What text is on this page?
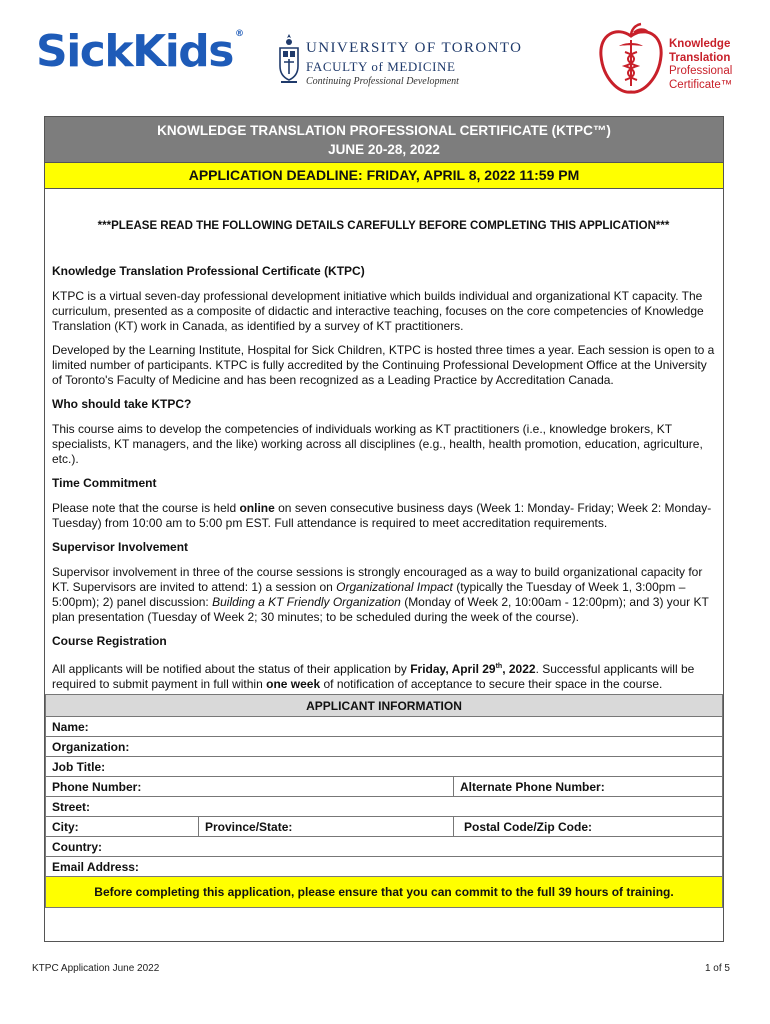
SickKids ®
UNIVERSITY OF TORONTO
FACULTY of MEDICINE
Continuing Professional Development
Knowledge
Translation
Professional
Certificate™
KNOWLEDGE TRANSLATION PROFESSIONAL CERTIFICATE (KTPC™)
JUNE 20-28, 2022
APPLICATION DEADLINE: FRIDAY, APRIL 8, 2022 11:59 PM
***PLEASE READ THE FOLLOWING DETAILS CAREFULLY BEFORE COMPLETING THIS APPLICATION***
Knowledge Translation Professional Certificate (KTPC)
KTPC is a virtual seven-day professional development initiative which builds individual and organizational KT capacity. The curriculum, presented as a composite of didactic and interactive teaching, focuses on the core competencies of Knowledge Translation (KT) work in Canada, as identified by a survey of KT practitioners.
Developed by the Learning Institute, Hospital for Sick Children, KTPC is hosted three times a year. Each session is open to a limited number of participants. KTPC is fully accredited by the Continuing Professional Development Office at the University of Toronto's Faculty of Medicine and has been recognized as a Leading Practice by Accreditation Canada.
Who should take KTPC?
This course aims to develop the competencies of individuals working as KT practitioners (i.e., knowledge brokers, KT specialists, KT managers, and the like) working across all disciplines (e.g., health, health promotion, education, agriculture, etc.).
Time Commitment
Please note that the course is held online on seven consecutive business days (Week 1: Monday- Friday; Week 2: Monday-Tuesday) from 10:00 am to 5:00 pm EST. Full attendance is required to meet accreditation requirements.
Supervisor Involvement
Supervisor involvement in three of the course sessions is strongly encouraged as a way to build organizational capacity for KT. Supervisors are invited to attend: 1) a session on Organizational Impact (typically the Tuesday of Week 1, 3:00pm – 5:00pm); 2) panel discussion: Building a KT Friendly Organization (Monday of Week 2, 10:00am - 12:00pm); and 3) your KT plan presentation (Tuesday of Week 2; 30 minutes; to be scheduled during the week of the course).
Course Registration
All applicants will be notified about the status of their application by Friday, April 29th, 2022. Successful applicants will be required to submit payment in full within one week of notification of acceptance to secure their space in the course.
APPLICANT INFORMATION		
Name:		
Organization:		
Job Title:		
Phone Number:		Alternate Phone Number:
Street:		
City:	Province/State:	Postal Code/Zip Code:
Country:		
Email Address:		
Before completing this application, please ensure that you can commit to the full 39 hours of training.		
KTPC Application June 2022	1 of 5
